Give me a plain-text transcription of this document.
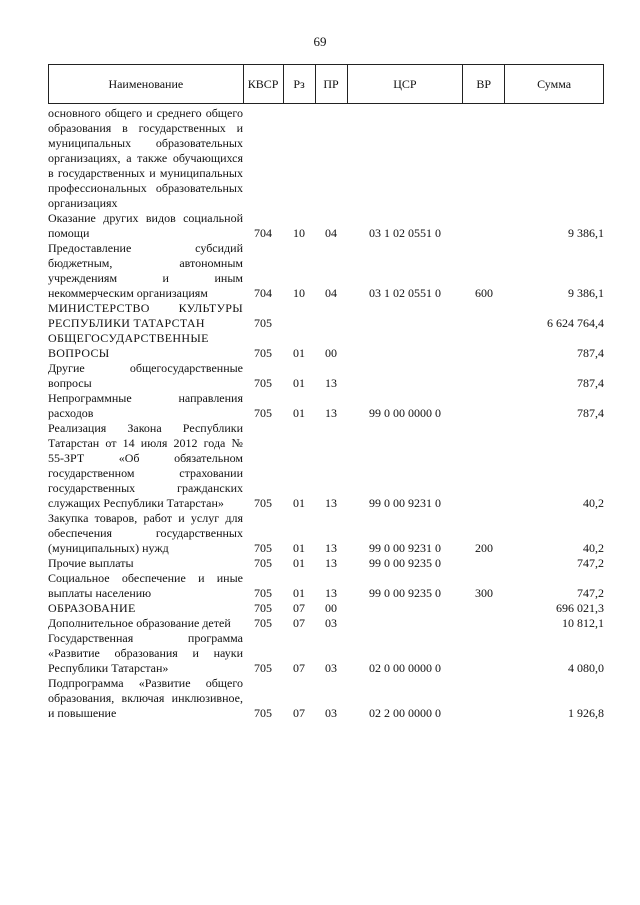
69
Наименование	КВСР	Рз	ПР	ЦСР	ВР	Сумма
основного общего и среднего общего образования в государственных и муниципальных образовательных организациях, а также обучающихся в государственных и муниципальных профессиональных образовательных организациях						
Оказание других видов социальной помощи	704	10	04	03 1 02 0551 0		9 386,1
Предоставление субсидий бюджетным, автономным учреждениям и иным некоммерческим организациям	704	10	04	03 1 02 0551 0	600	9 386,1
МИНИСТЕРСТВО КУЛЬТУРЫ РЕСПУБЛИКИ ТАТАРСТАН	705					6 624 764,4
ОБЩЕГОСУДАРСТВЕННЫЕ ВОПРОСЫ	705	01	00			787,4
Другие общегосударственные вопросы	705	01	13			787,4
Непрограммные направления расходов	705	01	13	99 0 00 0000 0		787,4
Реализация Закона Республики Татарстан от 14 июля 2012 года № 55-ЗРТ «Об обязательном государственном страховании государственных гражданских служащих Республики Татарстан»	705	01	13	99 0 00 9231 0		40,2
Закупка товаров, работ и услуг для обеспечения государственных (муниципальных) нужд	705	01	13	99 0 00 9231 0	200	40,2
Прочие выплаты	705	01	13	99 0 00 9235 0		747,2
Социальное обеспечение и иные выплаты населению	705	01	13	99 0 00 9235 0	300	747,2
ОБРАЗОВАНИЕ	705	07	00			696 021,3
Дополнительное образование детей	705	07	03			10 812,1
Государственная программа «Развитие образования и науки Республики Татарстан»	705	07	03	02 0 00 0000 0		4 080,0
Подпрограмма «Развитие общего образования, включая инклюзивное, и повышение	705	07	03	02 2 00 0000 0		1 926,8
